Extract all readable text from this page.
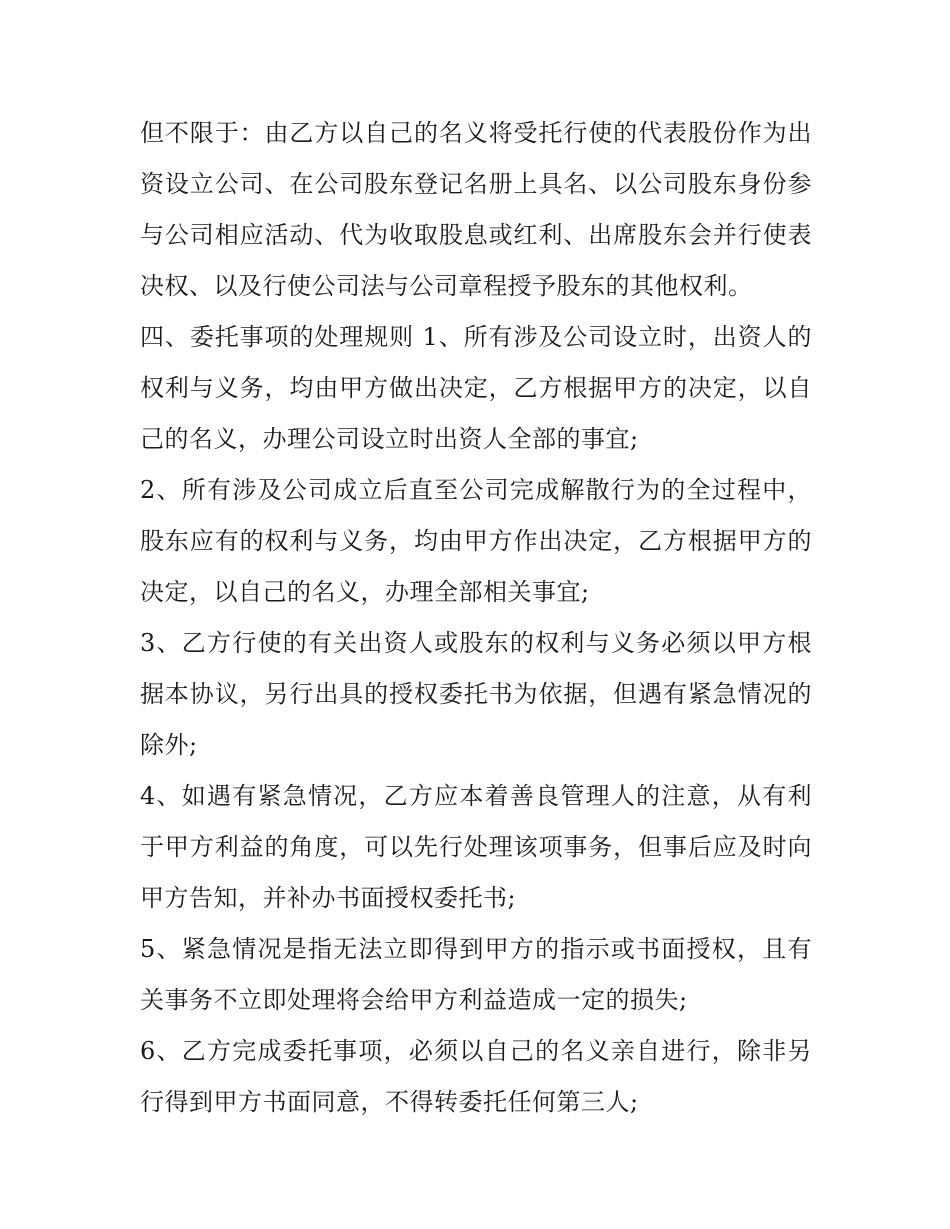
但不限于：由乙方以自己的名义将受托行使的代表股份作为出资设立公司、在公司股东登记名册上具名、以公司股东身份参与公司相应活动、代为收取股息或红利、出席股东会并行使表决权、以及行使公司法与公司章程授予股东的其他权利。

四、委托事项的处理规则 1、所有涉及公司设立时，出资人的权利与义务，均由甲方做出决定，乙方根据甲方的决定，以自己的名义，办理公司设立时出资人全部的事宜;

2、所有涉及公司成立后直至公司完成解散行为的全过程中，股东应有的权利与义务，均由甲方作出决定，乙方根据甲方的决定，以自己的名义，办理全部相关事宜;

3、乙方行使的有关出资人或股东的权利与义务必须以甲方根据本协议，另行出具的授权委托书为依据，但遇有紧急情况的除外;

4、如遇有紧急情况，乙方应本着善良管理人的注意，从有利于甲方利益的角度，可以先行处理该项事务，但事后应及时向甲方告知，并补办书面授权委托书;

5、紧急情况是指无法立即得到甲方的指示或书面授权，且有关事务不立即处理将会给甲方利益造成一定的损失;

6、乙方完成委托事项，必须以自己的名义亲自进行，除非另行得到甲方书面同意，不得转委托任何第三人;
